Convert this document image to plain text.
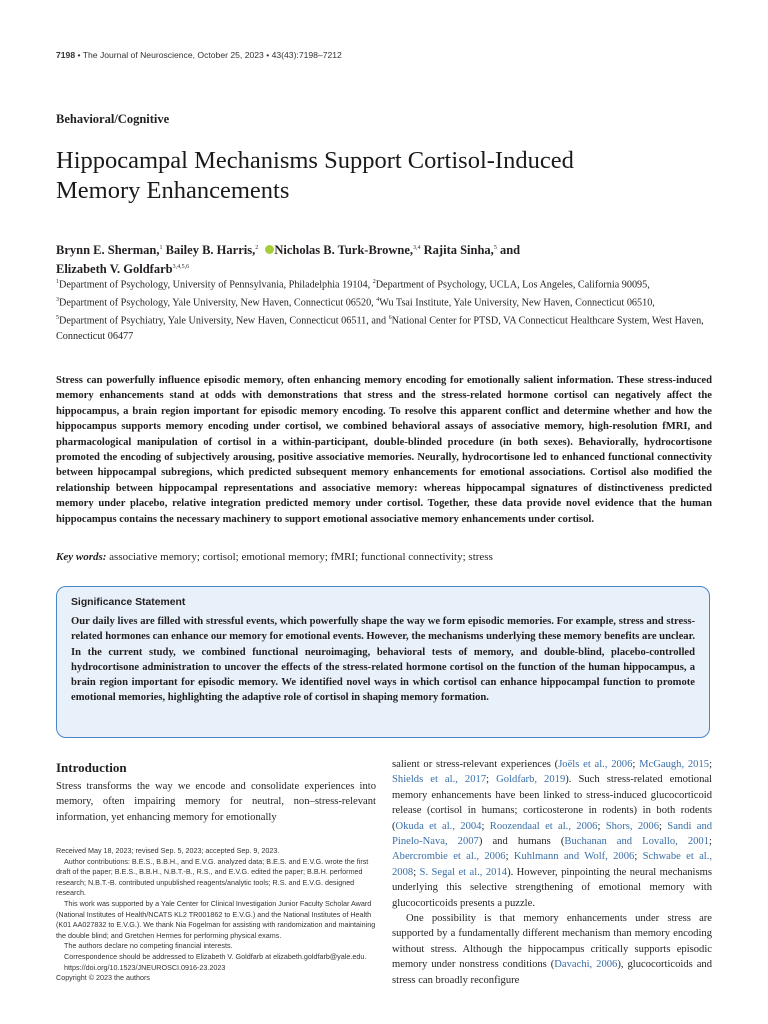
7198 • The Journal of Neuroscience, October 25, 2023 • 43(43):7198–7212
Behavioral/Cognitive
Hippocampal Mechanisms Support Cortisol-Induced
Memory Enhancements
Brynn E. Sherman,$^1$ Bailey B. Harris,$^2$ Nicholas B. Turk-Browne,$^{3,4}$ Rajita Sinha,$^5$ and
Elizabeth V. Goldfarb$^{3,4,5,6}$
$^1$Department of Psychology, University of Pennsylvania, Philadelphia 19104, $^2$Department of Psychology, UCLA, Los Angeles, California 90095,
$^3$Department of Psychology, Yale University, New Haven, Connecticut 06520, $^4$Wu Tsai Institute, Yale University, New Haven, Connecticut 06510,
$^5$Department of Psychiatry, Yale University, New Haven, Connecticut 06511, and $^6$National Center for PTSD, VA Connecticut Healthcare System, West Haven, Connecticut 06477
Stress can powerfully influence episodic memory, often enhancing memory encoding for emotionally salient information. These stress-induced memory enhancements stand at odds with demonstrations that stress and the stress-related hormone cortisol can negatively affect the hippocampus, a brain region important for episodic memory encoding. To resolve this apparent conflict and determine whether and how the hippocampus supports memory encoding under cortisol, we combined behavioral assays of associative memory, high-resolution fMRI, and pharmacological manipulation of cortisol in a within-participant, double-blinded procedure (in both sexes). Behaviorally, hydrocortisone promoted the encoding of subjectively arousing, positive associative memories. Neurally, hydrocortisone led to enhanced functional connectivity between hippocampal subregions, which predicted subsequent memory enhancements for emotional associations. Cortisol also modified the relationship between hippocampal representations and associative memory: whereas hippocampal signatures of distinctiveness predicted memory under placebo, relative integration predicted memory under cortisol. Together, these data provide novel evidence that the human hippocampus contains the necessary machinery to support emotional associative memory enhancements under cortisol.
Key words: associative memory; cortisol; emotional memory; fMRI; functional connectivity; stress
Significance Statement
Our daily lives are filled with stressful events, which powerfully shape the way we form episodic memories. For example, stress and stress-related hormones can enhance our memory for emotional events. However, the mechanisms underlying these memory benefits are unclear. In the current study, we combined functional neuroimaging, behavioral tests of memory, and double-blind, placebo-controlled hydrocortisone administration to uncover the effects of the stress-related hormone cortisol on the function of the human hippocampus, a brain region important for episodic memory. We identified novel ways in which cortisol can enhance hippocampal function to promote emotional memories, highlighting the adaptive role of cortisol in shaping memory formation.
Introduction
Stress transforms the way we encode and consolidate experiences into memory, often impairing memory for neutral, non–stress-relevant information, yet enhancing memory for emotionally

Received May 18, 2023; revised Sep. 5, 2023; accepted Sep. 9, 2023.

Author contributions: B.E.S., B.B.H., and E.V.G. analyzed data; B.E.S. and E.V.G. wrote the first draft of the paper; B.E.S., B.B.H., N.B.T.-B., R.S., and E.V.G. edited the paper; B.B.H. performed research; N.B.T.-B. contributed unpublished reagents/analytic tools; R.S. and E.V.G. designed research.

This work was supported by a Yale Center for Clinical Investigation Junior Faculty Scholar Award (National Institutes of Health/NCATS KL2 TR001862 to E.V.G.) and the National Institutes of Health (K01 AA027832 to E.V.G.). We thank Nia Fogelman for assisting with randomization and maintaining the double blind; and Gretchen Hermes for performing physical exams.

The authors declare no competing financial interests.

Correspondence should be addressed to Elizabeth V. Goldfarb at elizabeth.goldfarb@yale.edu.

https://doi.org/10.1523/JNEUROSCI.0916-23.2023

Copyright © 2023 the authors

salient or stress-relevant experiences (Joëls et al., 2006; McGaugh, 2015; Shields et al., 2017; Goldfarb, 2019). Such stress-related emotional memory enhancements have been linked to stress-induced glucocorticoid release (cortisol in humans; corticosterone in rodents) in both rodents (Okuda et al., 2004; Roozendaal et al., 2006; Shors, 2006; Sandi and Pinelo-Nava, 2007) and humans (Buchanan and Lovallo, 2001; Abercrombie et al., 2006; Kuhlmann and Wolf, 2006; Schwabe et al., 2008; S. Segal et al., 2014). However, pinpointing the neural mechanisms underlying this selective strengthening of emotional memory with glucocorticoids presents a puzzle.

One possibility is that memory enhancements under stress are supported by a fundamentally different mechanism than memory encoding without stress. Although the hippocampus critically supports episodic memory under nonstress conditions (Davachi, 2006), glucocorticoids and stress can broadly reconfigure
